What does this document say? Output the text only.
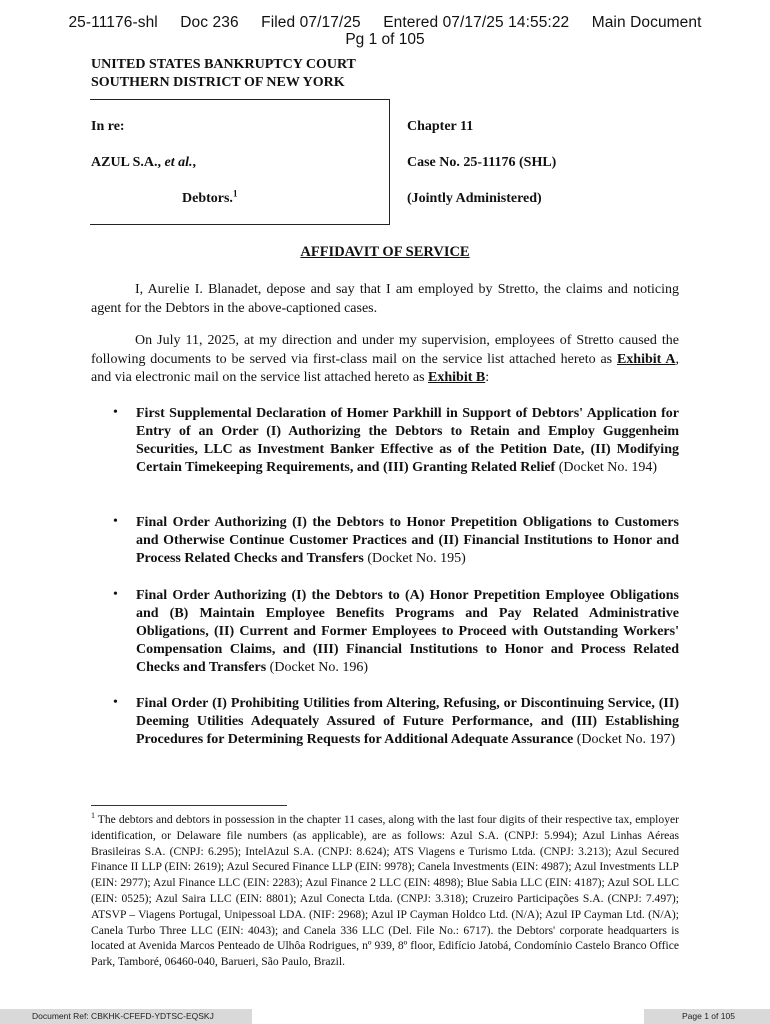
25-11176-shl Doc 236 Filed 07/17/25 Entered 07/17/25 14:55:22 Main Document
Pg 1 of 105
UNITED STATES BANKRUPTCY COURT
SOUTHERN DISTRICT OF NEW YORK
In re:
AZUL S.A., et al.,
Debtors.$^1$
Chapter 11
Case No. 25-11176 (SHL)
(Jointly Administered)
AFFIDAVIT OF SERVICE
I, Aurelie I. Blanadet, depose and say that I am employed by Stretto, the claims and noticing agent for the Debtors in the above-captioned cases.
On July 11, 2025, at my direction and under my supervision, employees of Stretto caused the following documents to be served via first-class mail on the service list attached hereto as Exhibit A, and via electronic mail on the service list attached hereto as Exhibit B:
• First Supplemental Declaration of Homer Parkhill in Support of Debtors' Application for Entry of an Order (I) Authorizing the Debtors to Retain and Employ Guggenheim Securities, LLC as Investment Banker Effective as of the Petition Date, (II) Modifying Certain Timekeeping Requirements, and (III) Granting Related Relief (Docket No. 194)
• Final Order Authorizing (I) the Debtors to Honor Prepetition Obligations to Customers and Otherwise Continue Customer Practices and (II) Financial Institutions to Honor and Process Related Checks and Transfers (Docket No. 195)
• Final Order Authorizing (I) the Debtors to (A) Honor Prepetition Employee Obligations and (B) Maintain Employee Benefits Programs and Pay Related Administrative Obligations, (II) Current and Former Employees to Proceed with Outstanding Workers' Compensation Claims, and (III) Financial Institutions to Honor and Process Related Checks and Transfers (Docket No. 196)
• Final Order (I) Prohibiting Utilities from Altering, Refusing, or Discontinuing Service, (II) Deeming Utilities Adequately Assured of Future Performance, and (III) Establishing Procedures for Determining Requests for Additional Adequate Assurance (Docket No. 197)
$^1$ The debtors and debtors in possession in the chapter 11 cases, along with the last four digits of their respective tax, employer identification, or Delaware file numbers (as applicable), are as follows: Azul S.A. (CNPJ: 5.994); Azul Linhas Aéreas Brasileiras S.A. (CNPJ: 6.295); IntelAzul S.A. (CNPJ: 8.624); ATS Viagens e Turismo Ltda. (CNPJ: 3.213); Azul Secured Finance II LLP (EIN: 2619); Azul Secured Finance LLP (EIN: 9978); Canela Investments (EIN: 4987); Azul Investments LLP (EIN: 2977); Azul Finance LLC (EIN: 2283); Azul Finance 2 LLC (EIN: 4898); Blue Sabia LLC (EIN: 4187); Azul SOL LLC (EIN: 0525); Azul Saira LLC (EIN: 8801); Azul Conecta Ltda. (CNPJ: 3.318); Cruzeiro Participações S.A. (CNPJ: 7.497); ATSVP – Viagens Portugal, Unipessoal LDA. (NIF: 2968); Azul IP Cayman Holdco Ltd. (N/A); Azul IP Cayman Ltd. (N/A); Canela Turbo Three LLC (EIN: 4043); and Canela 336 LLC (Del. File No.: 6717). the Debtors' corporate headquarters is located at Avenida Marcos Penteado de Ulhôa Rodrigues, nº 939, 8º floor, Edifício Jatobá, Condomínio Castelo Branco Office Park, Tamboré, 06460-040, Barueri, São Paulo, Brazil.
Document Ref: CBKHK-CFEFD-YDTSC-EQSKJ	Page 1 of 105
